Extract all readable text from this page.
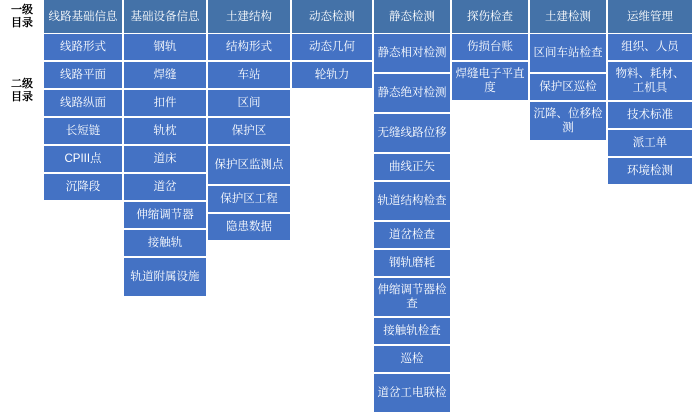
一级
目录
二级
目录
线路基础信息
线路形式
线路平面
线路纵面
长短链
CPIII点
沉降段
基础设备信息
钢轨
焊缝
扣件
轨枕
道床
道岔
伸缩调节器
接触轨
轨道附属设施
土建结构
结构形式
车站
区间
保护区
保护区监测点
保护区工程
隐患数据
动态检测
动态几何
轮轨力
静态检测
静态相对检测
静态绝对检测
无缝线路位移
曲线正矢
轨道结构检查
道岔检查
钢轨磨耗
伸缩调节器检查
接触轨检查
巡检
道岔工电联检
探伤检查
伤损台账
焊缝电子平直度
土建检测
区间车站检查
保护区巡检
沉降、位移检测
运维管理
组织、人员
物料、耗材、工机具
技术标准
派工单
环境检测
